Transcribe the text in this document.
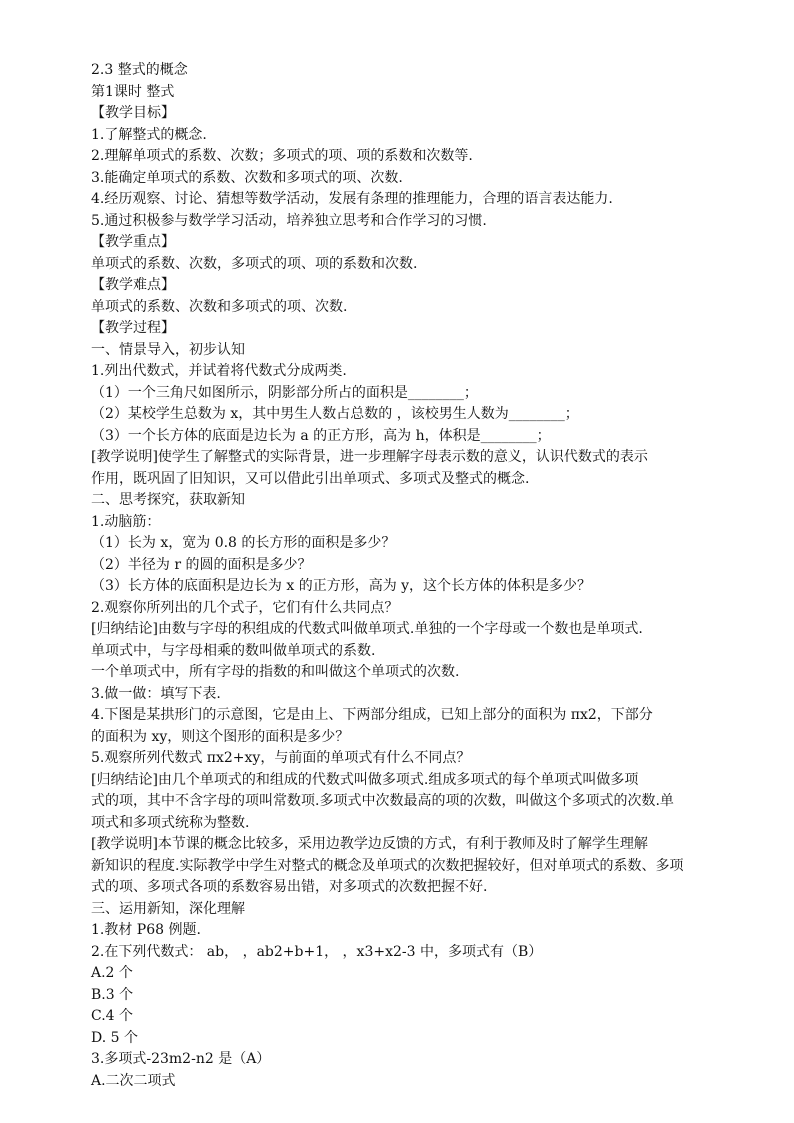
2.3 整式的概念
第1课时 整式
【教学目标】
1.了解整式的概念.
2.理解单项式的系数、次数；多项式的项、项的系数和次数等.
3.能确定单项式的系数、次数和多项式的项、次数.
4.经历观察、讨论、猜想等数学活动，发展有条理的推理能力，合理的语言表达能力.
5.通过积极参与数学学习活动，培养独立思考和合作学习的习惯.
【教学重点】
单项式的系数、次数，多项式的项、项的系数和次数.
【教学难点】
单项式的系数、次数和多项式的项、次数.
【教学过程】
一、情景导入，初步认知
1.列出代数式，并试着将代数式分成两类.
（1）一个三角尺如图所示，阴影部分所占的面积是________；
（2）某校学生总数为 x，其中男生人数占总数的 ，该校男生人数为________；
（3）一个长方体的底面是边长为 a 的正方形，高为 h，体积是________；
[教学说明]使学生了解整式的实际背景，进一步理解字母表示数的意义，认识代数式的表示
作用，既巩固了旧知识，又可以借此引出单项式、多项式及整式的概念.
二、思考探究，获取新知
1.动脑筋：
（1）长为 x，宽为 0.8 的长方形的面积是多少？
（2）半径为 r 的圆的面积是多少？
（3）长方体的底面积是边长为 x 的正方形，高为 y，这个长方体的体积是多少？
2.观察你所列出的几个式子，它们有什么共同点？
[归纳结论]由数与字母的积组成的代数式叫做单项式.单独的一个字母或一个数也是单项式.
单项式中，与字母相乘的数叫做单项式的系数.
一个单项式中，所有字母的指数的和叫做这个单项式的次数.
3.做一做：填写下表.
4.下图是某拱形门的示意图，它是由上、下两部分组成，已知上部分的面积为 πx2，下部分
的面积为 xy，则这个图形的面积是多少？
5.观察所列代数式 πx2+xy，与前面的单项式有什么不同点？
[归纳结论]由几个单项式的和组成的代数式叫做多项式.组成多项式的每个单项式叫做多项
式的项，其中不含字母的项叫常数项.多项式中次数最高的项的次数，叫做这个多项式的次数.单
项式和多项式统称为整数.
[教学说明]本节课的概念比较多，采用边教学边反馈的方式，有利于教师及时了解学生理解
新知识的程度.实际教学中学生对整式的概念及单项式的次数把握较好，但对单项式的系数、多项
式的项、多项式各项的系数容易出错，对多项式的次数把握不好.
三、运用新知，深化理解
1.教材 P68 例题.
2.在下列代数式： ab， ，ab2+b+1， ，x3+x2-3 中，多项式有（B）
A.2 个
B.3 个
C.4 个
D. 5 个
3.多项式-23m2-n2 是（A）
A.二次二项式
